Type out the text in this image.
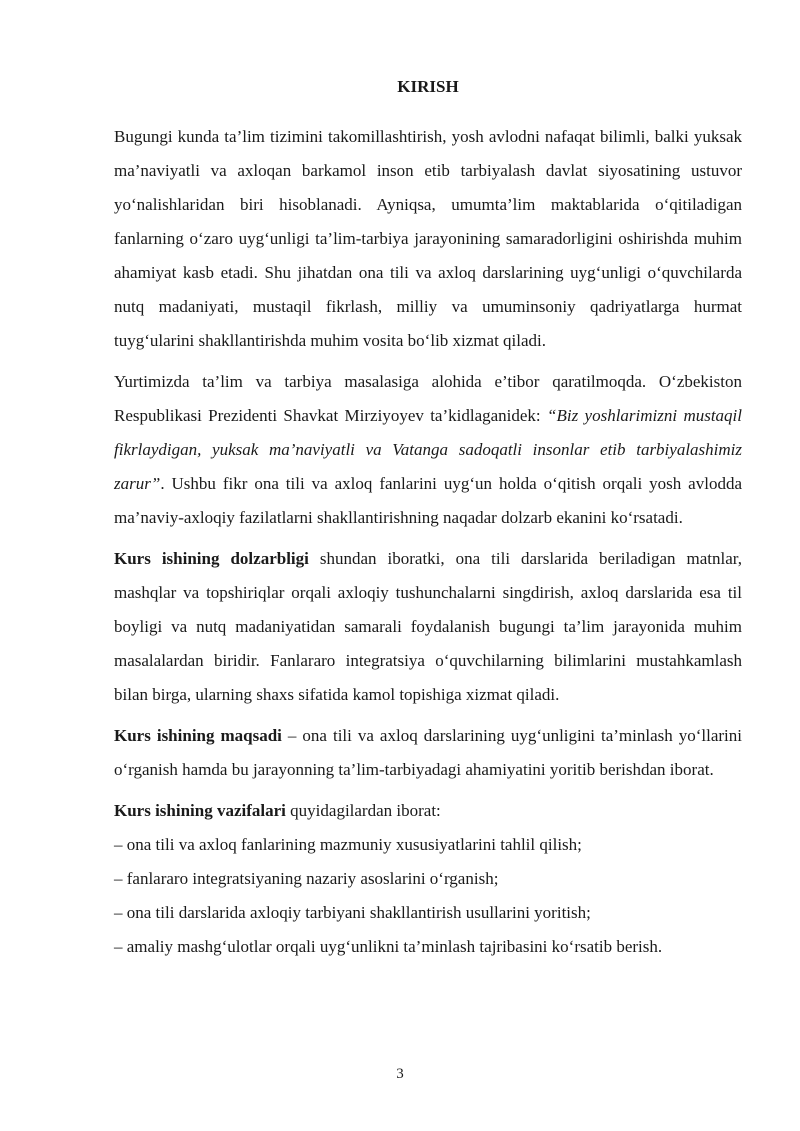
KIRISH

Bugungi kunda ta’lim tizimini takomillashtirish, yosh avlodni nafaqat bilimli, balki yuksak ma’naviyatli va axloqan barkamol inson etib tarbiyalash davlat siyosatining ustuvor yo‘nalishlaridan biri hisoblanadi. Ayniqsa, umumta’lim maktablarida o‘qitiladigan fanlarning o‘zaro uyg‘unligi ta’lim-tarbiya jarayonining samaradorligini oshirishda muhim ahamiyat kasb etadi. Shu jihatdan ona tili va axloq darslarining uyg‘unligi o‘quvchilarda nutq madaniyati, mustaqil fikrlash, milliy va umuminsoniy qadriyatlarga hurmat tuyg‘ularini shakllantirishda muhim vosita bo‘lib xizmat qiladi.

Yurtimizda ta’lim va tarbiya masalasiga alohida e’tibor qaratilmoqda. O‘zbekiston Respublikasi Prezidenti Shavkat Mirziyoyev ta’kidlaganidek: “Biz yoshlarimizni mustaqil fikrlaydigan, yuksak ma’naviyatli va Vatanga sadoqatli insonlar etib tarbiyalashimiz zarur”. Ushbu fikr ona tili va axloq fanlarini uyg‘un holda o‘qitish orqali yosh avlodda ma’naviy-axloqiy fazilatlarni shakllantirishning naqadar dolzarb ekanini ko‘rsatadi.

Kurs ishining dolzarbligi shundan iboratki, ona tili darslarida beriladigan matnlar, mashqlar va topshiriqlar orqali axloqiy tushunchalarni singdirish, axloq darslarida esa til boyligi va nutq madaniyatidan samarali foydalanish bugungi ta’lim jarayonida muhim masalalardan biridir. Fanlararo integratsiya o‘quvchilarning bilimlarini mustahkamlash bilan birga, ularning shaxs sifatida kamol topishiga xizmat qiladi.

Kurs ishining maqsadi – ona tili va axloq darslarining uyg‘unligini ta’minlash yo‘llarini o‘rganish hamda bu jarayonning ta’lim-tarbiyadagi ahamiyatini yoritib berishdan iborat.

Kurs ishining vazifalari quyidagilardan iborat:

– ona tili va axloq fanlarining mazmuniy xususiyatlarini tahlil qilish;
– fanlararo integratsiyaning nazariy asoslarini o‘rganish;
– ona tili darslarida axloqiy tarbiyani shakllantirish usullarini yoritish;
– amaliy mashg‘ulotlar orqali uyg‘unlikni ta’minlash tajribasini ko‘rsatib berish.
3
